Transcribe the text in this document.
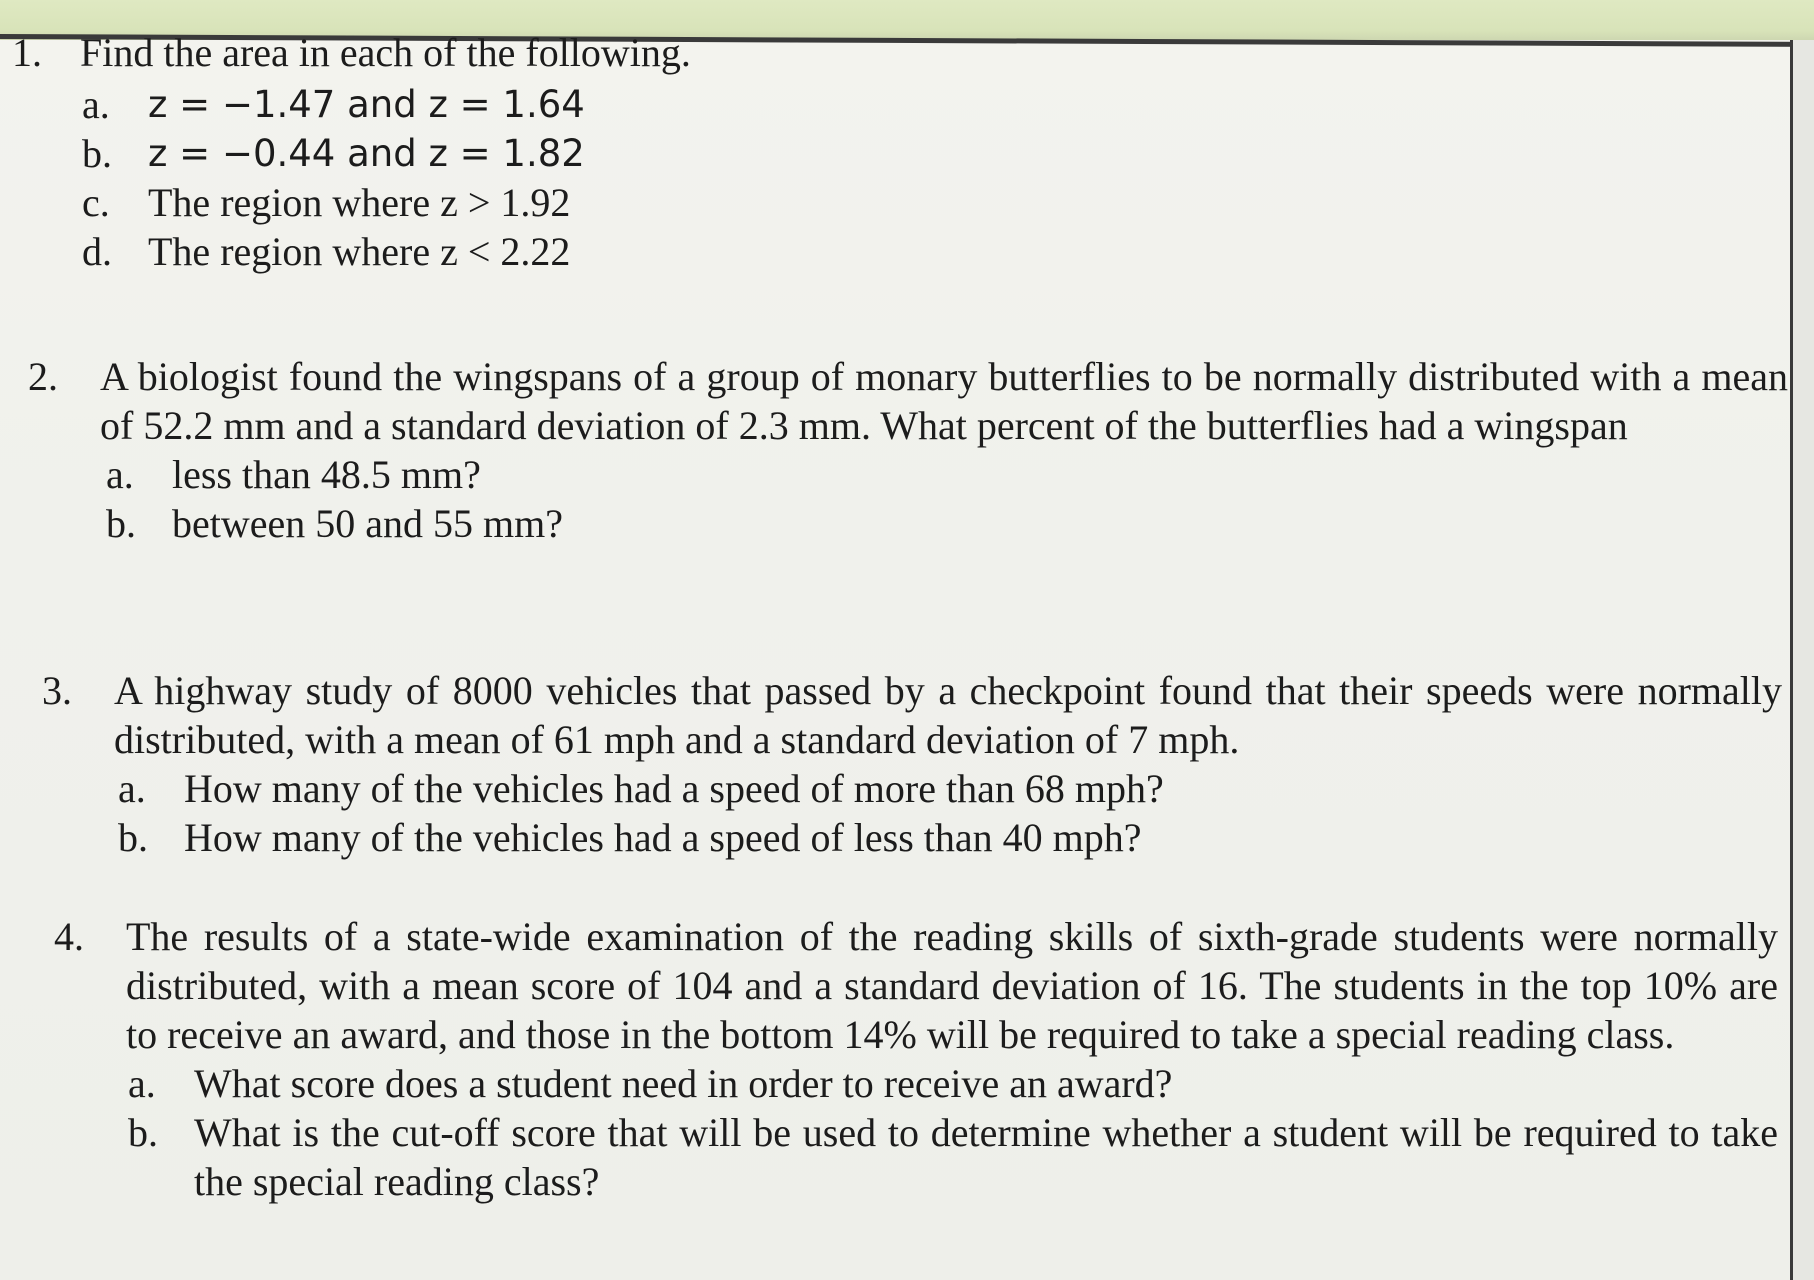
1. Find the area in each of the following.
a.	z = −1.47 and z = 1.64
b. z = −0.44 and z = 1.82
c. The region where z > 1.92
d. The region where z < 2.22
2.	A biologist found the wingspans of a group of monary butterflies to be normally distributed with a mean of 52.2 mm and a standard deviation of 2.3 mm. What percent of the butterflies had a wingspan
a. less than 48.5 mm?
b. between 50 and 55 mm?
3.	A highway study of 8000 vehicles that passed by a checkpoint found that their speeds were normally distributed, with a mean of 61 mph and a standard deviation of 7 mph.
a. How many of the vehicles had a speed of more than 68 mph?
b. How many of the vehicles had a speed of less than 40 mph?
4.	The results of a state-wide examination of the reading skills of sixth-grade students were normally distributed, with a mean score of 104 and a standard deviation of 16. The students in the top 10% are to receive an award, and those in the bottom 14% will be required to take a special reading class.
a. What score does a student need in order to receive an award?
b. What is the cut-off score that will be used to determine whether a student will be required to take the special reading class?
